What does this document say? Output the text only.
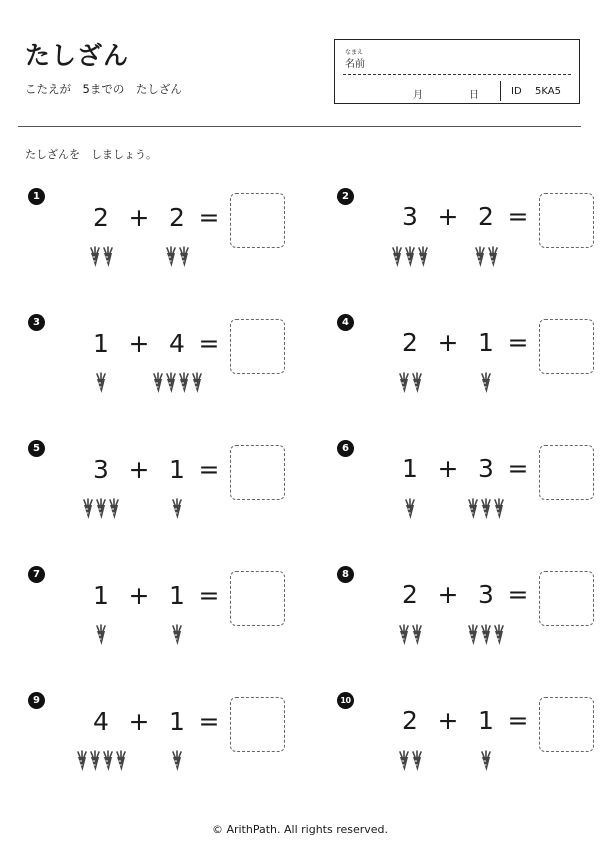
たしざん
こたえが　5までの　たしざん
なまえ
名前
月	日	ID 5KA5
たしざんを　しましょう。
1
2 + 2 =
2
3 + 2 =
3
1 + 4 =
4
2 + 1 =
5
3 + 1 =
6
1 + 3 =
7
1 + 1 =
8
2 + 3 =
9
4 + 1 =
10
2 + 1 =
© ArithPath. All rights reserved.
